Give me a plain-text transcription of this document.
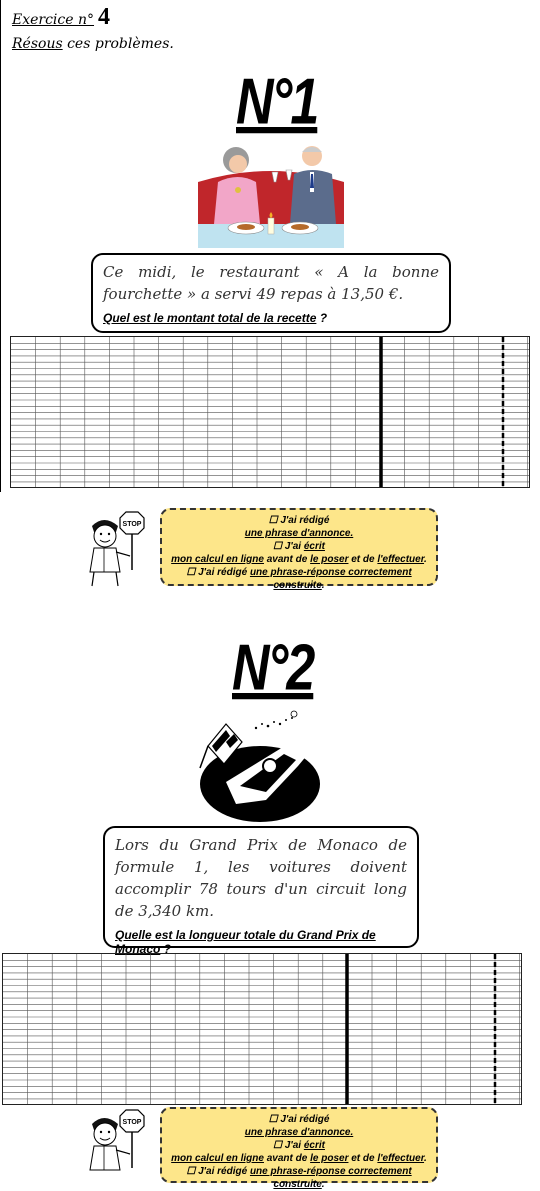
Exercice n° 4
Résous ces problèmes.
N°1
Ce midi, le restaurant « A la bonne fourchette » a servi 49 repas à 13,50 €.
Quel est le montant total de la recette ?
STOP	☐ J'ai rédigé
une phrase d'annonce.
☐ J'ai écrit
mon calcul en ligne avant de le poser et de l'effectuer.
☐ J'ai rédigé une phrase-réponse correctement construite.
N°2
Lors du Grand Prix de Monaco de formule 1, les voitures doivent accomplir 78 tours d'un circuit long de 3,340 km.
Quelle est la longueur totale du Grand Prix de Monaco ?
STOP	☐ J'ai rédigé
une phrase d'annonce.
☐ J'ai écrit
mon calcul en ligne avant de le poser et de l'effectuer.
☐ J'ai rédigé une phrase-réponse correctement construite.
